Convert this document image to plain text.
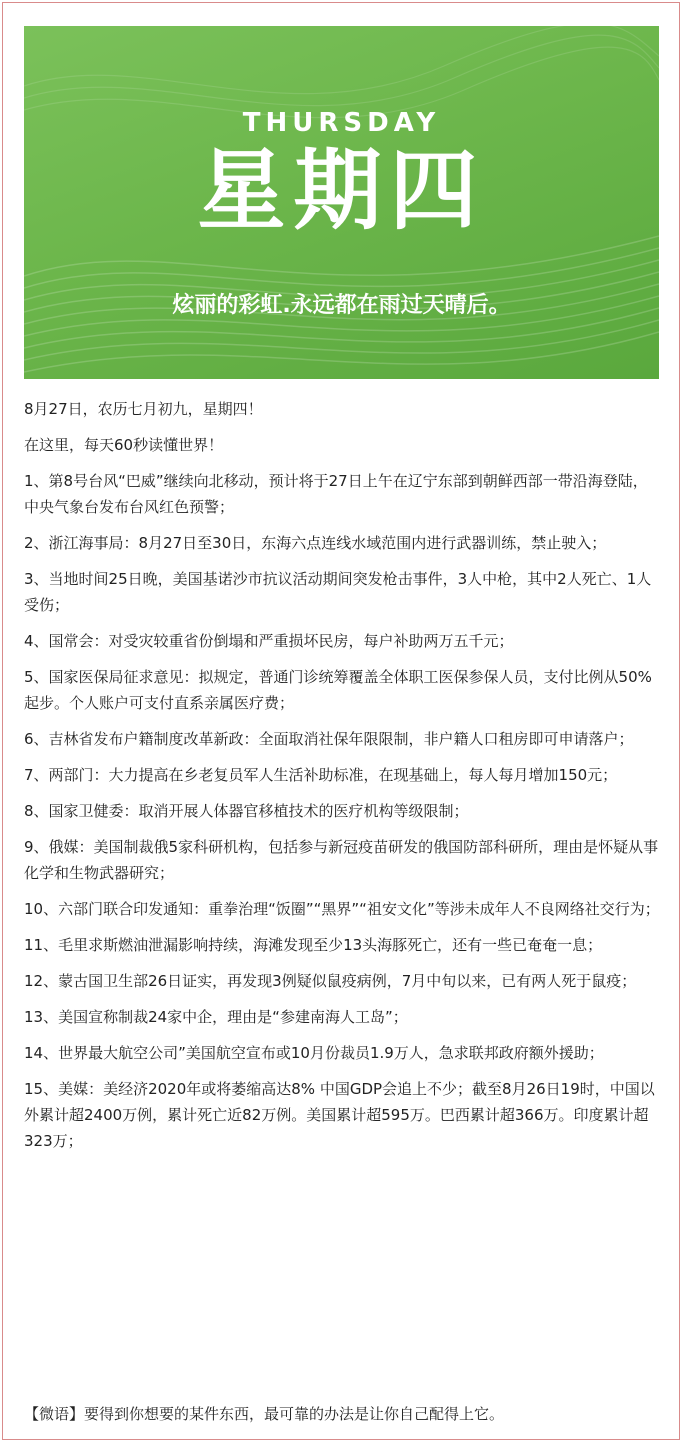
THURSDAY
星期四
炫丽的彩虹.永远都在雨过天晴后。

8月27日，农历七月初九，星期四！

在这里，每天60秒读懂世界！

1、第8号台风“巴威”继续向北移动，预计将于27日上午在辽宁东部到朝鲜西部一带沿海登陆，中央气象台发布台风红色预警；

2、浙江海事局：8月27日至30日，东海六点连线水域范围内进行武器训练，禁止驶入；

3、当地时间25日晚，美国基诺沙市抗议活动期间突发枪击事件，3人中枪，其中2人死亡、1人受伤；

4、国常会：对受灾较重省份倒塌和严重损坏民房，每户补助两万五千元；

5、国家医保局征求意见：拟规定，普通门诊统筹覆盖全体职工医保参保人员，支付比例从50%起步。个人账户可支付直系亲属医疗费；

6、吉林省发布户籍制度改革新政：全面取消社保年限限制，非户籍人口租房即可申请落户；

7、两部门：大力提高在乡老复员军人生活补助标准，在现基础上，每人每月增加150元；

8、国家卫健委：取消开展人体器官移植技术的医疗机构等级限制；

9、俄媒：美国制裁俄5家科研机构，包括参与新冠疫苗研发的俄国防部科研所，理由是怀疑从事化学和生物武器研究；

10、六部门联合印发通知：重拳治理“饭圈”“黑界”“祖安文化”等涉未成年人不良网络社交行为；

11、毛里求斯燃油泄漏影响持续，海滩发现至少13头海豚死亡，还有一些已奄奄一息；

12、蒙古国卫生部26日证实，再发现3例疑似鼠疫病例，7月中旬以来，已有两人死于鼠疫；

13、美国宣称制裁24家中企，理由是“参建南海人工岛”；

14、世界最大航空公司”美国航空宣布或10月份裁员1.9万人，急求联邦政府额外援助；

15、美媒：美经济2020年或将萎缩高达8% 中国GDP会追上不少；截至8月26日19时，中国以外累计超2400万例，累计死亡近82万例。美国累计超595万。巴西累计超366万。印度累计超323万；

【微语】要得到你想要的某件东西，最可靠的办法是让你自己配得上它。
